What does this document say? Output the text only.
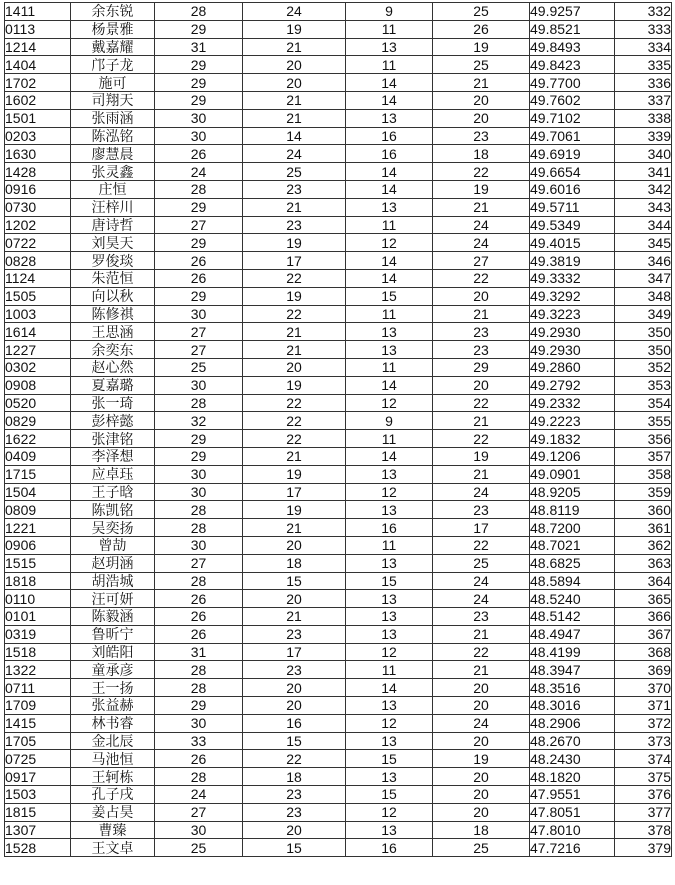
1411	余东锐	28	24	9	25	49.9257	332
0113	杨景雅	29	19	11	26	49.8521	333
1214	戴嘉耀	31	21	13	19	49.8493	334
1404	邝子龙	29	20	11	25	49.8423	335
1702	施可	29	20	14	21	49.7700	336
1602	司翔天	29	21	14	20	49.7602	337
1501	张雨涵	30	21	13	20	49.7102	338
0203	陈泓铭	30	14	16	23	49.7061	339
1630	廖慧晨	26	24	16	18	49.6919	340
1428	张灵鑫	24	25	14	22	49.6654	341
0916	庄恒	28	23	14	19	49.6016	342
0730	汪梓川	29	21	13	21	49.5711	343
1202	唐诗哲	27	23	11	24	49.5349	344
0722	刘昊天	29	19	12	24	49.4015	345
0828	罗俊琰	26	17	14	27	49.3819	346
1124	朱范恒	26	22	14	22	49.3332	347
1505	向以秋	29	19	15	20	49.3292	348
1003	陈修祺	30	22	11	21	49.3223	349
1614	王思涵	27	21	13	23	49.2930	350
1227	余奕东	27	21	13	23	49.2930	350
0302	赵心然	25	20	11	29	49.2860	352
0908	夏嘉璐	30	19	14	20	49.2792	353
0520	张一琦	28	22	12	22	49.2332	354
0829	彭梓懿	32	22	9	21	49.2223	355
1622	张津铭	29	22	11	22	49.1832	356
0409	李泽想	29	21	14	19	49.1206	357
1715	应卓珏	30	19	13	21	49.0901	358
1504	王子晗	30	17	12	24	48.9205	359
0809	陈凯铭	28	19	13	23	48.8119	360
1221	吴奕扬	28	21	16	17	48.7200	361
0906	曾劼	30	20	11	22	48.7021	362
1515	赵玥涵	27	18	13	25	48.6825	363
1818	胡浩城	28	15	15	24	48.5894	364
0110	汪可妍	26	20	13	24	48.5240	365
0101	陈毅涵	26	21	13	23	48.5142	366
0319	鲁昕宁	26	23	13	21	48.4947	367
1518	刘皓阳	31	17	12	22	48.4199	368
1322	童承彦	28	23	11	21	48.3947	369
0711	王一扬	28	20	14	20	48.3516	370
1709	张益赫	29	20	13	20	48.3016	371
1415	林书睿	30	16	12	24	48.2906	372
1705	金北辰	33	15	13	20	48.2670	373
0725	马池恒	26	22	15	19	48.2430	374
0917	王轲栋	28	18	13	20	48.1820	375
1503	孔子戌	24	23	15	20	47.9551	376
1815	姜占昊	27	23	12	20	47.8051	377
1307	曹臻	30	20	13	18	47.8010	378
1528	王文卓	25	15	16	25	47.7216	379
